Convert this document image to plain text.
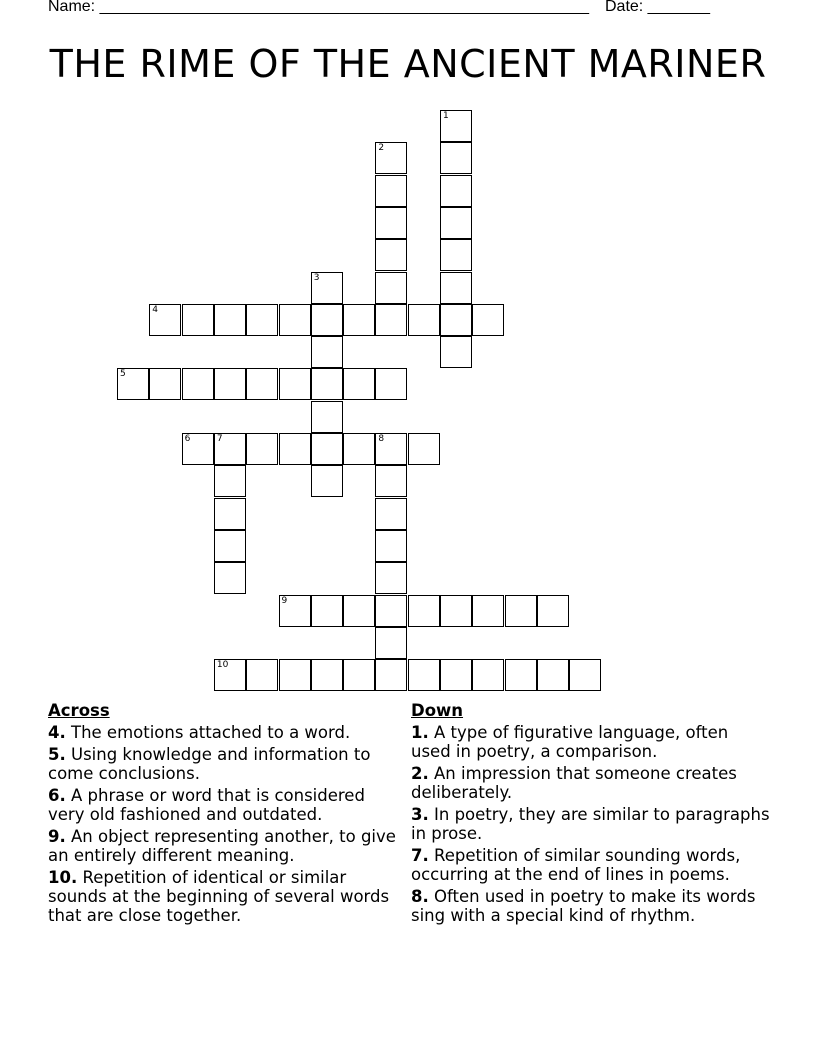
Name: _______________________________________________________ Date: _______
THE RIME OF THE ANCIENT MARINER
1
2
3
4
5
6	7	8
9
10
Across
4. The emotions attached to a word.
5. Using knowledge and information to come conclusions.
6. A phrase or word that is considered very old fashioned and outdated.
9. An object representing another, to give an entirely different meaning.
10. Repetition of identical or similar sounds at the beginning of several words that are close together.
Down
1. A type of figurative language, often used in poetry, a comparison.
2. An impression that someone creates deliberately.
3. In poetry, they are similar to paragraphs in prose.
7. Repetition of similar sounding words, occurring at the end of lines in poems.
8. Often used in poetry to make its words sing with a special kind of rhythm.
